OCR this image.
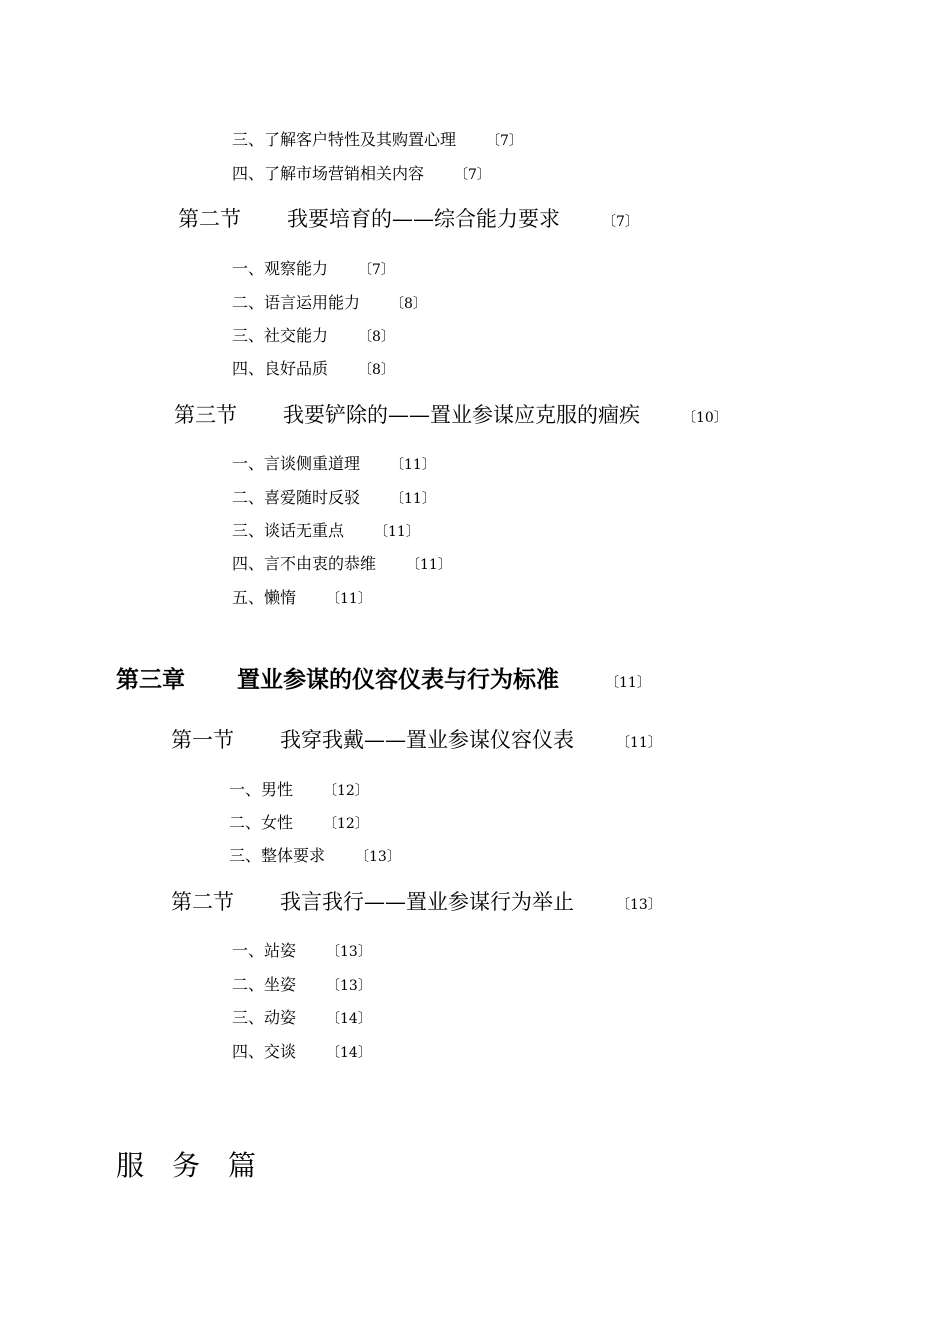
三、了解客户特性及其购置心理 〔7〕
四、了解市场营销相关内容 〔7〕
第二节 我要培育的——综合能力要求	〔7〕
一、观察能力 〔7〕
二、语言运用能力 〔8〕
三、社交能力 〔8〕
四、良好品质 〔8〕
第三节 我要铲除的——置业参谋应克服的痼疾	〔10〕
一、言谈侧重道理 〔11〕
二、喜爱随时反驳 〔11〕
三、谈话无重点 〔11〕
四、言不由衷的恭维 〔11〕
五、懒惰 〔11〕
第三章 置业参谋的仪容仪表与行为标准	〔11〕
第一节 我穿我戴——置业参谋仪容仪表	〔11〕
一、男性 〔12〕
二、女性 〔12〕
三、整体要求 〔13〕
第二节 我言我行——置业参谋行为举止	〔13〕
一、站姿 〔13〕
二、坐姿 〔13〕
三、动姿 〔14〕
四、交谈 〔14〕
服务篇
